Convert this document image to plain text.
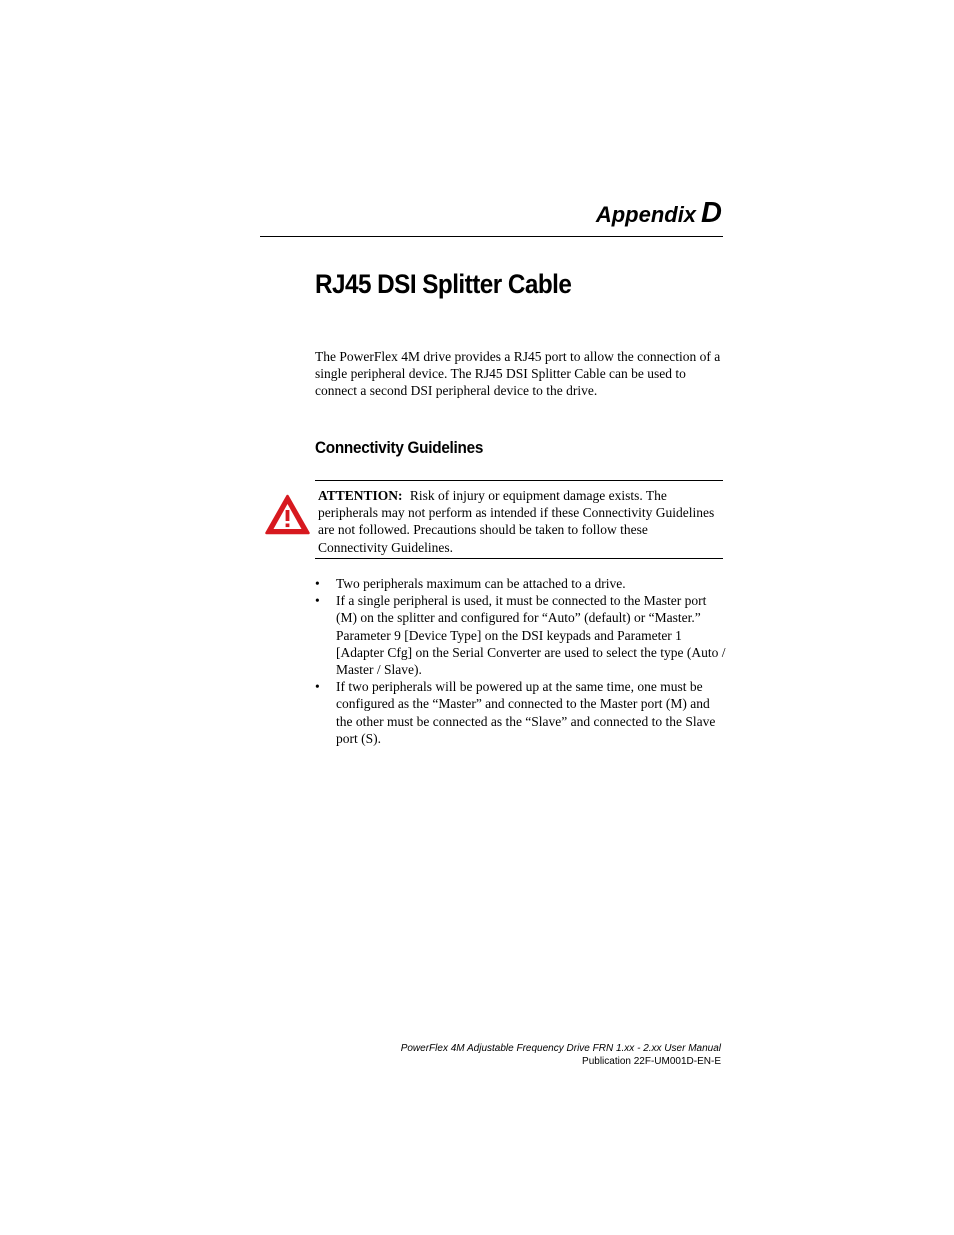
Appendix D
RJ45 DSI Splitter Cable

The PowerFlex 4M drive provides a RJ45 port to allow the connection of a single peripheral device. The RJ45 DSI Splitter Cable can be used to connect a second DSI peripheral device to the drive.

Connectivity Guidelines

ATTENTION: Risk of injury or equipment damage exists. The peripherals may not perform as intended if these Connectivity Guidelines are not followed. Precautions should be taken to follow these Connectivity Guidelines.

• Two peripherals maximum can be attached to a drive.
• If a single peripheral is used, it must be connected to the Master port (M) on the splitter and configured for “Auto” (default) or “Master.” Parameter 9 [Device Type] on the DSI keypads and Parameter 1 [Adapter Cfg] on the Serial Converter are used to select the type (Auto / Master / Slave).
• If two peripherals will be powered up at the same time, one must be configured as the “Master” and connected to the Master port (M) and the other must be connected as the “Slave” and connected to the Slave port (S).
PowerFlex 4M Adjustable Frequency Drive FRN 1.xx - 2.xx User Manual
Publication 22F-UM001D-EN-E
